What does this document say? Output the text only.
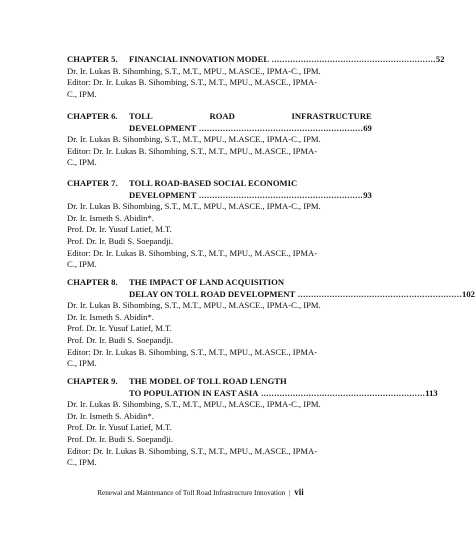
CHAPTER 5.	FINANCIAL INNOVATION MODEL .............................................................. 52
Dr. Ir. Lukas B. Sihombing, S.T., M.T., MPU., M.ASCE., IPMA-C., IPM.
Editor: Dr. Ir. Lukas B. Sihombing, S.T., M.T., MPU., M.ASCE., IPMA-
C., IPM.
CHAPTER 6.	TOLL	ROAD	INFRASTRUCTURE
DEVELOPMENT .............................................................. 69
Dr. Ir. Lukas B. Sihombing, S.T., M.T., MPU., M.ASCE., IPMA-C., IPM.
Editor: Dr. Ir. Lukas B. Sihombing, S.T., M.T., MPU., M.ASCE., IPMA-
C., IPM.
CHAPTER 7.	TOLL ROAD-BASED SOCIAL ECONOMIC
DEVELOPMENT .............................................................. 93
Dr. Ir. Lukas B. Sihombing, S.T., M.T., MPU., M.ASCE., IPMA-C., IPM.
Dr. Ir. Ismeth S. Abidin*.
Prof. Dr. Ir. Yusuf Latief, M.T.
Prof. Dr. Ir. Budi S. Soepandji.
Editor: Dr. Ir. Lukas B. Sihombing, S.T., M.T., MPU., M.ASCE., IPMA-
C., IPM.
CHAPTER 8.	THE IMPACT OF LAND ACQUISITION
DELAY ON TOLL ROAD DEVELOPMENT .............................................................. 102
Dr. Ir. Lukas B. Sihombing, S.T., M.T., MPU., M.ASCE., IPMA-C., IPM.
Dr. Ir. Ismeth S. Abidin*.
Prof. Dr. Ir. Yusuf Latief, M.T.
Prof. Dr. Ir. Budi S. Soepandji.
Editor: Dr. Ir. Lukas B. Sihombing, S.T., M.T., MPU., M.ASCE., IPMA-
C., IPM.
CHAPTER 9.	THE MODEL OF TOLL ROAD LENGTH
TO POPULATION IN EAST ASIA .............................................................. 113
Dr. Ir. Lukas B. Sihombing, S.T., M.T., MPU., M.ASCE., IPMA-C., IPM.
Dr. Ir. Ismeth S. Abidin*.
Prof. Dr. Ir. Yusuf Latief, M.T.
Prof. Dr. Ir. Budi S. Soepandji.
Editor: Dr. Ir. Lukas B. Sihombing, S.T., M.T., MPU., M.ASCE., IPMA-
C., IPM.
Renewal and Maintenance of Toll Road Infrastructure Innovation | vii
